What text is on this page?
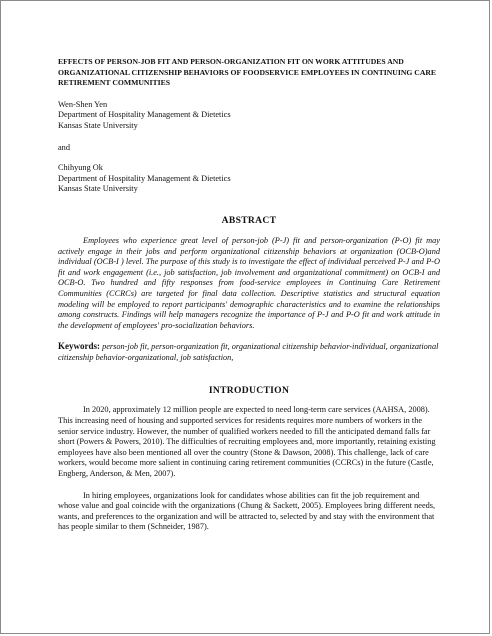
EFFECTS OF PERSON-JOB FIT AND PERSON-ORGANIZATION FIT ON WORK ATTITUDES AND ORGANIZATIONAL CITIZENSHIP BEHAVIORS OF FOODSERVICE EMPLOYEES IN CONTINUING CARE RETIREMENT COMMUNITIES

Wen-Shen Yen

Department of Hospitality Management & Dietetics

Kansas State University

and

Chihyung Ok

Department of Hospitality Management & Dietetics

Kansas State University

ABSTRACT

Employees who experience great level of person-job (P-J) fit and person-organization (P-O) fit may actively engage in their jobs and perform organizational citizenship behaviors at organization (OCB-O)and individual (OCB-I ) level. The purpose of this study is to investigate the effect of individual perceived P-J and P-O fit and work engagement (i.e., job satisfaction, job involvement and organizational commitment) on OCB-I and OCB-O. Two hundred and fifty responses from food-service employees in Continuing Care Retirement Communities (CCRCs) are targeted for final data collection. Descriptive statistics and structural equation modeling will be employed to report participants' demographic characteristics and to examine the relationships among constructs. Findings will help managers recognize the importance of P-J and P-O fit and work attitude in the development of employees' pro-socialization behaviors.

Keywords: person-job fit, person-organization fit, organizational citizenship behavior-individual, organizational citizenship behavior-organizational, job satisfaction,

INTRODUCTION

In 2020, approximately 12 million people are expected to need long-term care services (AAHSA, 2008). This increasing need of housing and supported services for residents requires more numbers of workers in the senior service industry. However, the number of qualified workers needed to fill the anticipated demand falls far short (Powers & Powers, 2010). The difficulties of recruiting employees and, more importantly, retaining existing employees have also been mentioned all over the country (Stone & Dawson, 2008). This challenge, lack of care workers, would become more salient in continuing caring retirement communities (CCRCs) in the future (Castle, Engberg, Anderson, & Men, 2007).

In hiring employees, organizations look for candidates whose abilities can fit the job requirement and whose value and goal coincide with the organizations (Chung & Sackett, 2005). Employees bring different needs, wants, and preferences to the organization and will be attracted to, selected by and stay with the environment that has people similar to them (Schneider, 1987).
